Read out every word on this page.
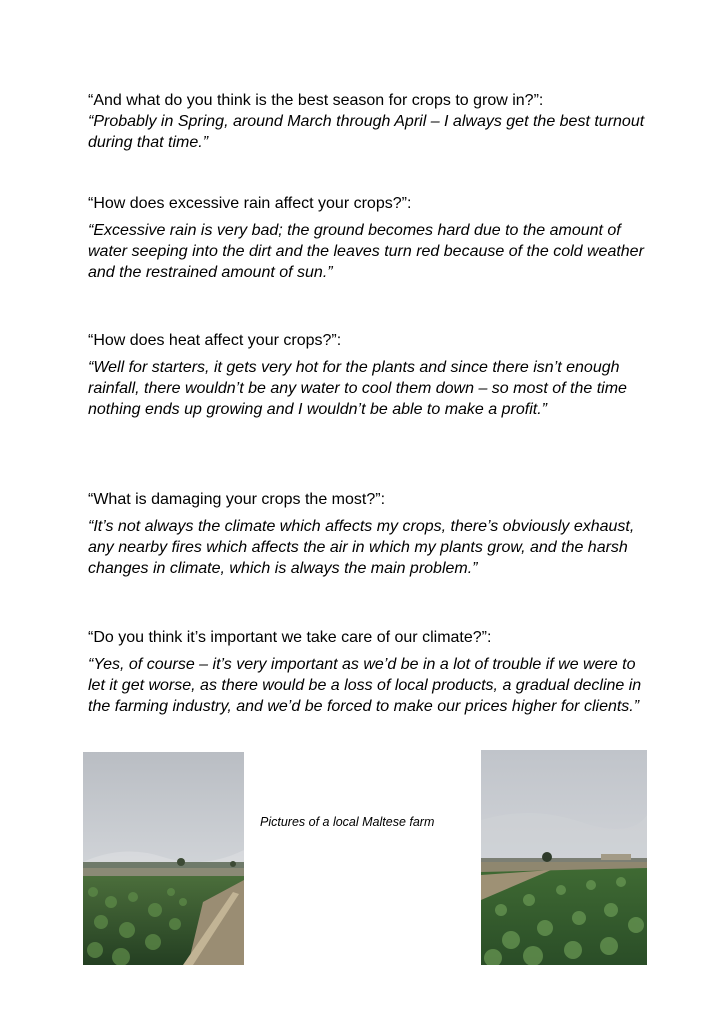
“And what do you think is the best season for crops to grow in?”:

“Probably in Spring, around March through April – I always get the best turnout during that time.”

“How does excessive rain affect your crops?”:

“Excessive rain is very bad; the ground becomes hard due to the amount of water seeping into the dirt and the leaves turn red because of the cold weather and the restrained amount of sun.”

“How does heat affect your crops?”:

“Well for starters, it gets very hot for the plants and since there isn’t enough rainfall, there wouldn’t be any water to cool them down – so most of the time nothing ends up growing and I wouldn’t be able to make a profit.”

“What is damaging your crops the most?”:

“It’s not always the climate which affects my crops, there’s obviously exhaust, any nearby fires which affects the air in which my plants grow, and the harsh changes in climate, which is always the main problem.”

“Do you think it’s important we take care of our climate?”:

“Yes, of course – it’s very important as we’d be in a lot of trouble if we were to let it get worse, as there would be a loss of local products, a gradual decline in the farming industry, and we’d be forced to make our prices higher for clients.”

Pictures of a local Maltese farm
